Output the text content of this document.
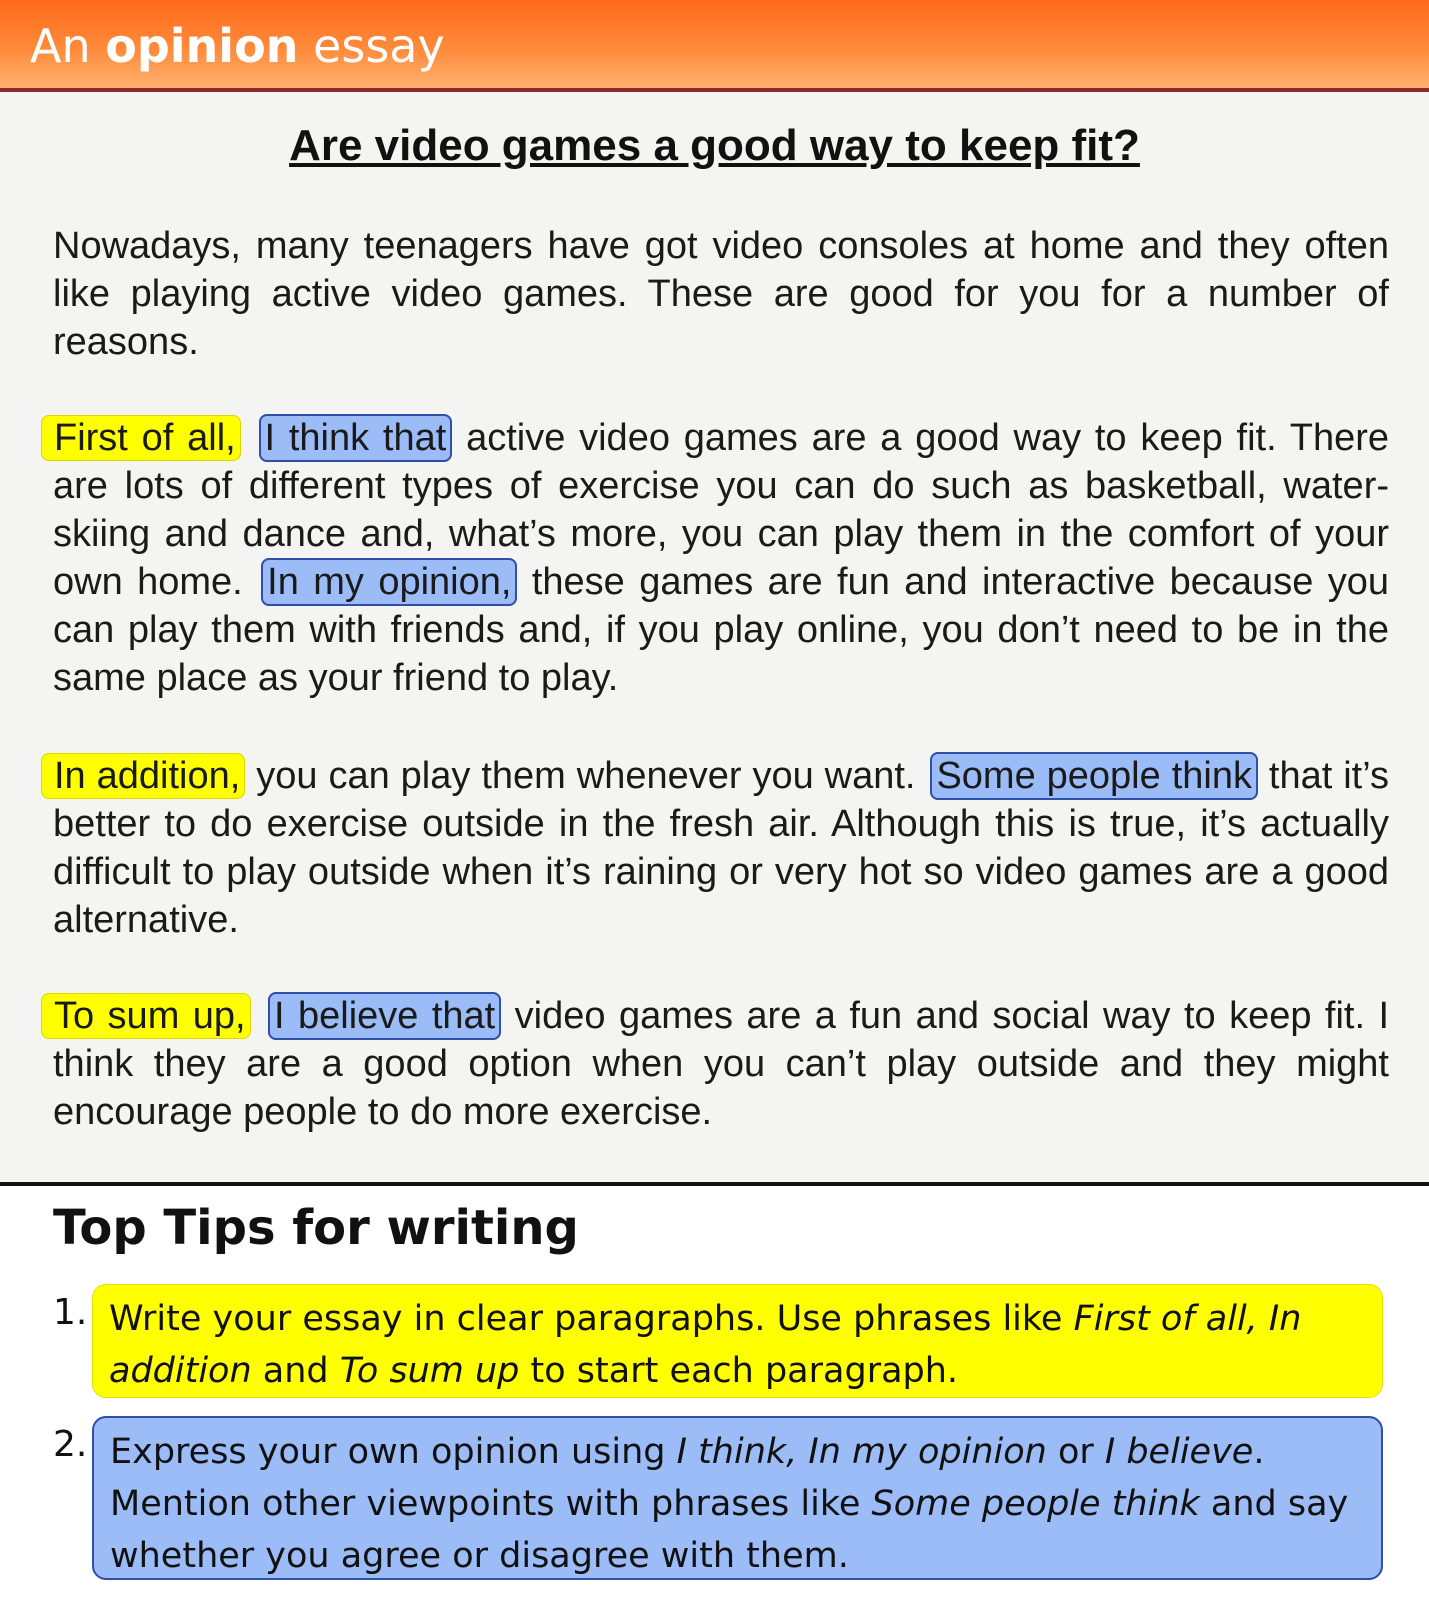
An opinion essay
Are video games a good way to keep fit?
Nowadays, many teenagers have got video consoles at home and they often like playing active video games. These are good for you for a number of reasons.
First of all, I think that active video games are a good way to keep fit. There are lots of different types of exercise you can do such as basketball, water-skiing and dance and, what’s more, you can play them in the comfort of your own home. In my opinion, these games are fun and interactive because you can play them with friends and, if you play online, you don’t need to be in the same place as your friend to play.
In addition, you can play them whenever you want. Some people think that it’s better to do exercise outside in the fresh air. Although this is true, it’s actually difficult to play outside when it’s raining or very hot so video games are a good alternative.
To sum up, I believe that video games are a fun and social way to keep fit. I think they are a good option when you can’t play outside and they might encourage people to do more exercise.
Top Tips for writing
1. Write your essay in clear paragraphs. Use phrases like First of all, In addition and To sum up to start each paragraph.
2. Express your own opinion using I think, In my opinion or I believe. Mention other viewpoints with phrases like Some people think and say whether you agree or disagree with them.
